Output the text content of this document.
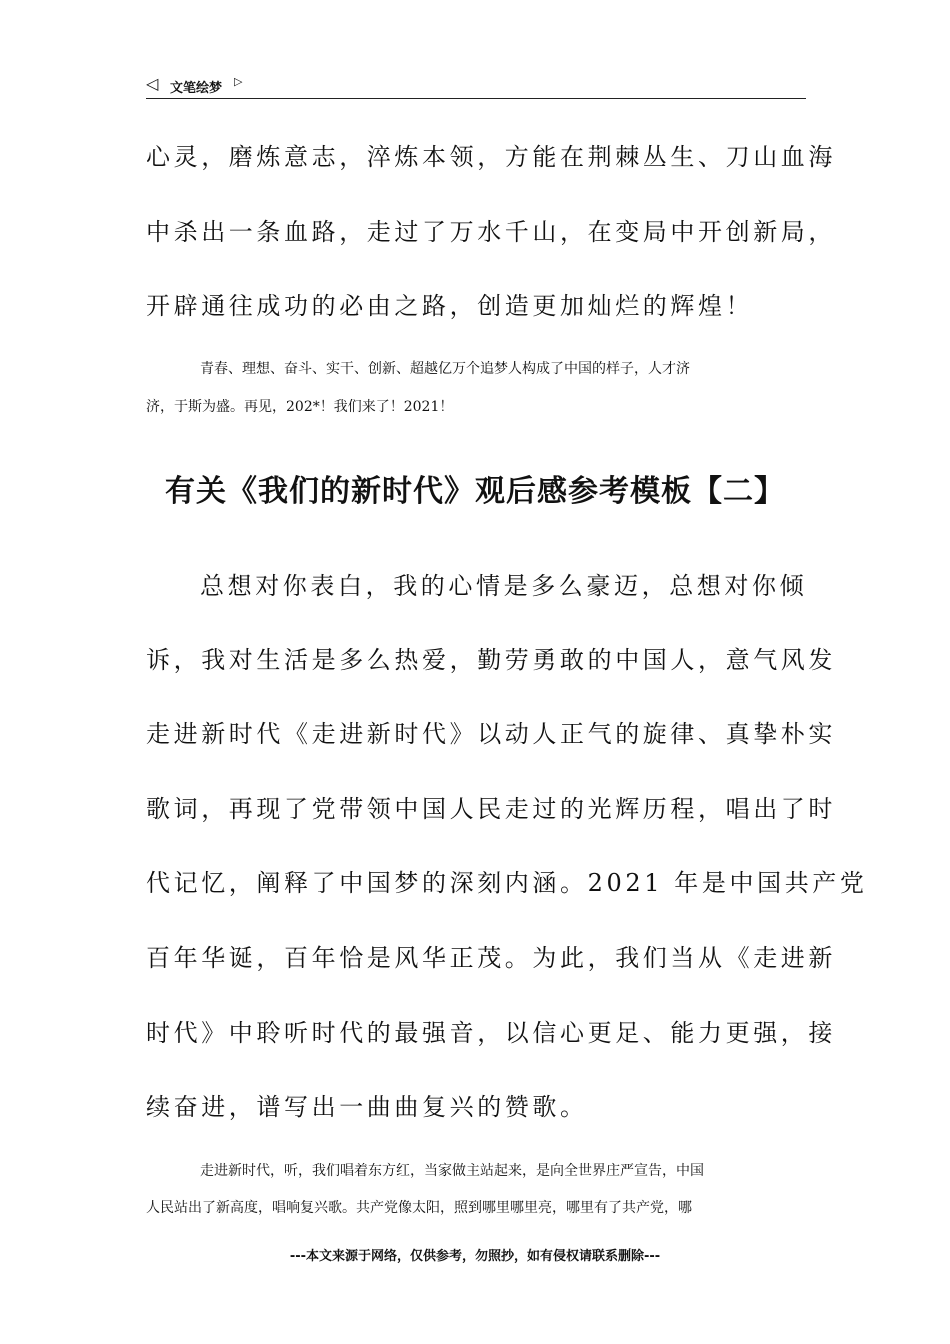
◁ 文笔绘梦 ▷
心灵，磨炼意志，淬炼本领，方能在荆棘丛生、刀山血海
中杀出一条血路，走过了万水千山，在变局中开创新局，
开辟通往成功的必由之路，创造更加灿烂的辉煌！
青春、理想、奋斗、实干、创新、超越亿万个追梦人构成了中国的样子，人才济
济，于斯为盛。再见，202*！我们来了！2021！
有关《我们的新时代》观后感参考模板【二】
总想对你表白，我的心情是多么豪迈，总想对你倾
诉，我对生活是多么热爱，勤劳勇敢的中国人，意气风发
走进新时代《走进新时代》以动人正气的旋律、真挚朴实
歌词，再现了党带领中国人民走过的光辉历程，唱出了时
代记忆，阐释了中国梦的深刻内涵。2021 年是中国共产党
百年华诞，百年恰是风华正茂。为此，我们当从《走进新
时代》中聆听时代的最强音，以信心更足、能力更强，接
续奋进，谱写出一曲曲复兴的赞歌。
走进新时代，听，我们唱着东方红，当家做主站起来，是向全世界庄严宣告，中国
人民站出了新高度，唱响复兴歌。共产党像太阳，照到哪里哪里亮，哪里有了共产党，哪
---本文来源于网络，仅供参考，勿照抄，如有侵权请联系删除---
